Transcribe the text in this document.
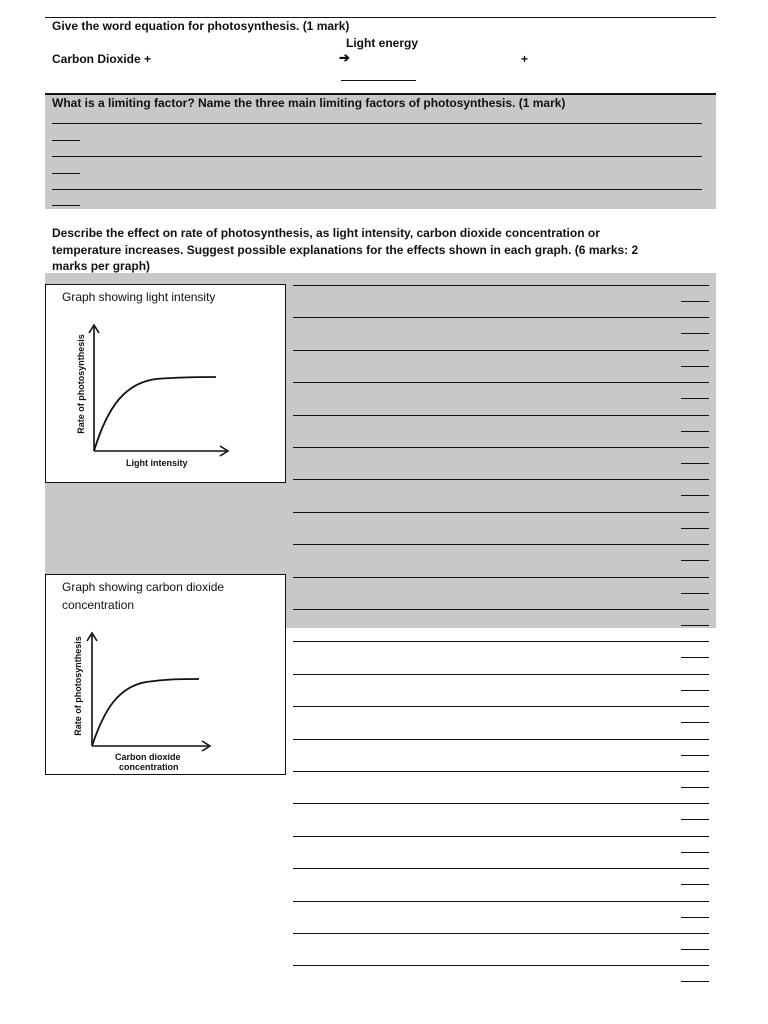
Give the word equation for photosynthesis. (1 mark)
Light energy
Carbon Dioxide +	➔	+
What is a limiting factor? Name the three main limiting factors of photosynthesis. (1 mark)
Describe the effect on rate of photosynthesis, as light intensity, carbon dioxide concentration or
temperature increases. Suggest possible explanations for the effects shown in each graph. (6 marks: 2
marks per graph)
Graph showing light intensity
Rate of photosynthesis
Light intensity
Graph showing carbon dioxide
concentration
Rate of photosynthesis
Carbon dioxide
concentration
